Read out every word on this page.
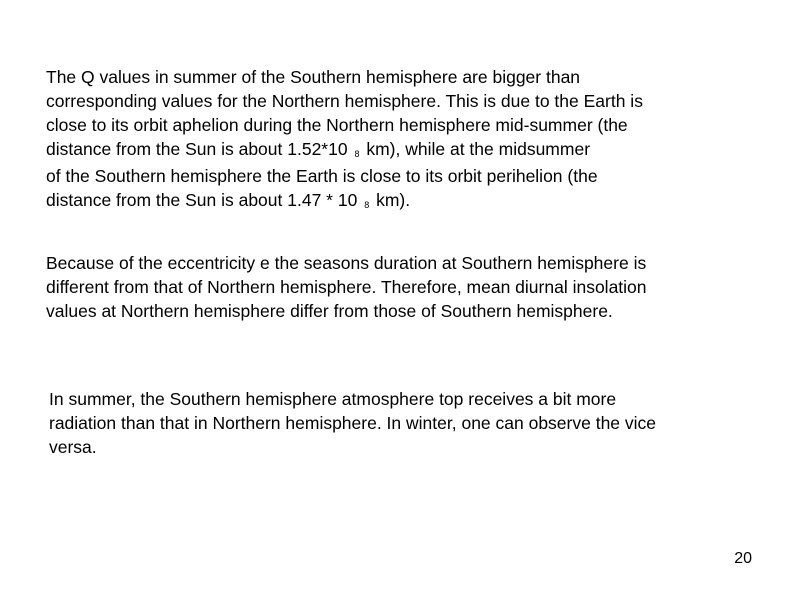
The Q values in summer of the Southern hemisphere are bigger than
corresponding values for the Northern hemisphere. This is due to the Earth is
close to its orbit aphelion during the Northern hemisphere mid-summer (the
distance from the Sun is about 1.52*10 8 km), while at the midsummer
of the Southern hemisphere the Earth is close to its orbit perihelion (the
distance from the Sun is about 1.47 * 10 8 km).

Because of the eccentricity e the seasons duration at Southern hemisphere is
different from that of Northern hemisphere. Therefore, mean diurnal insolation
values at Northern hemisphere differ from those of Southern hemisphere.

In summer, the Southern hemisphere atmosphere top receives a bit more
radiation than that in Northern hemisphere. In winter, one can observe the vice
versa.

20
